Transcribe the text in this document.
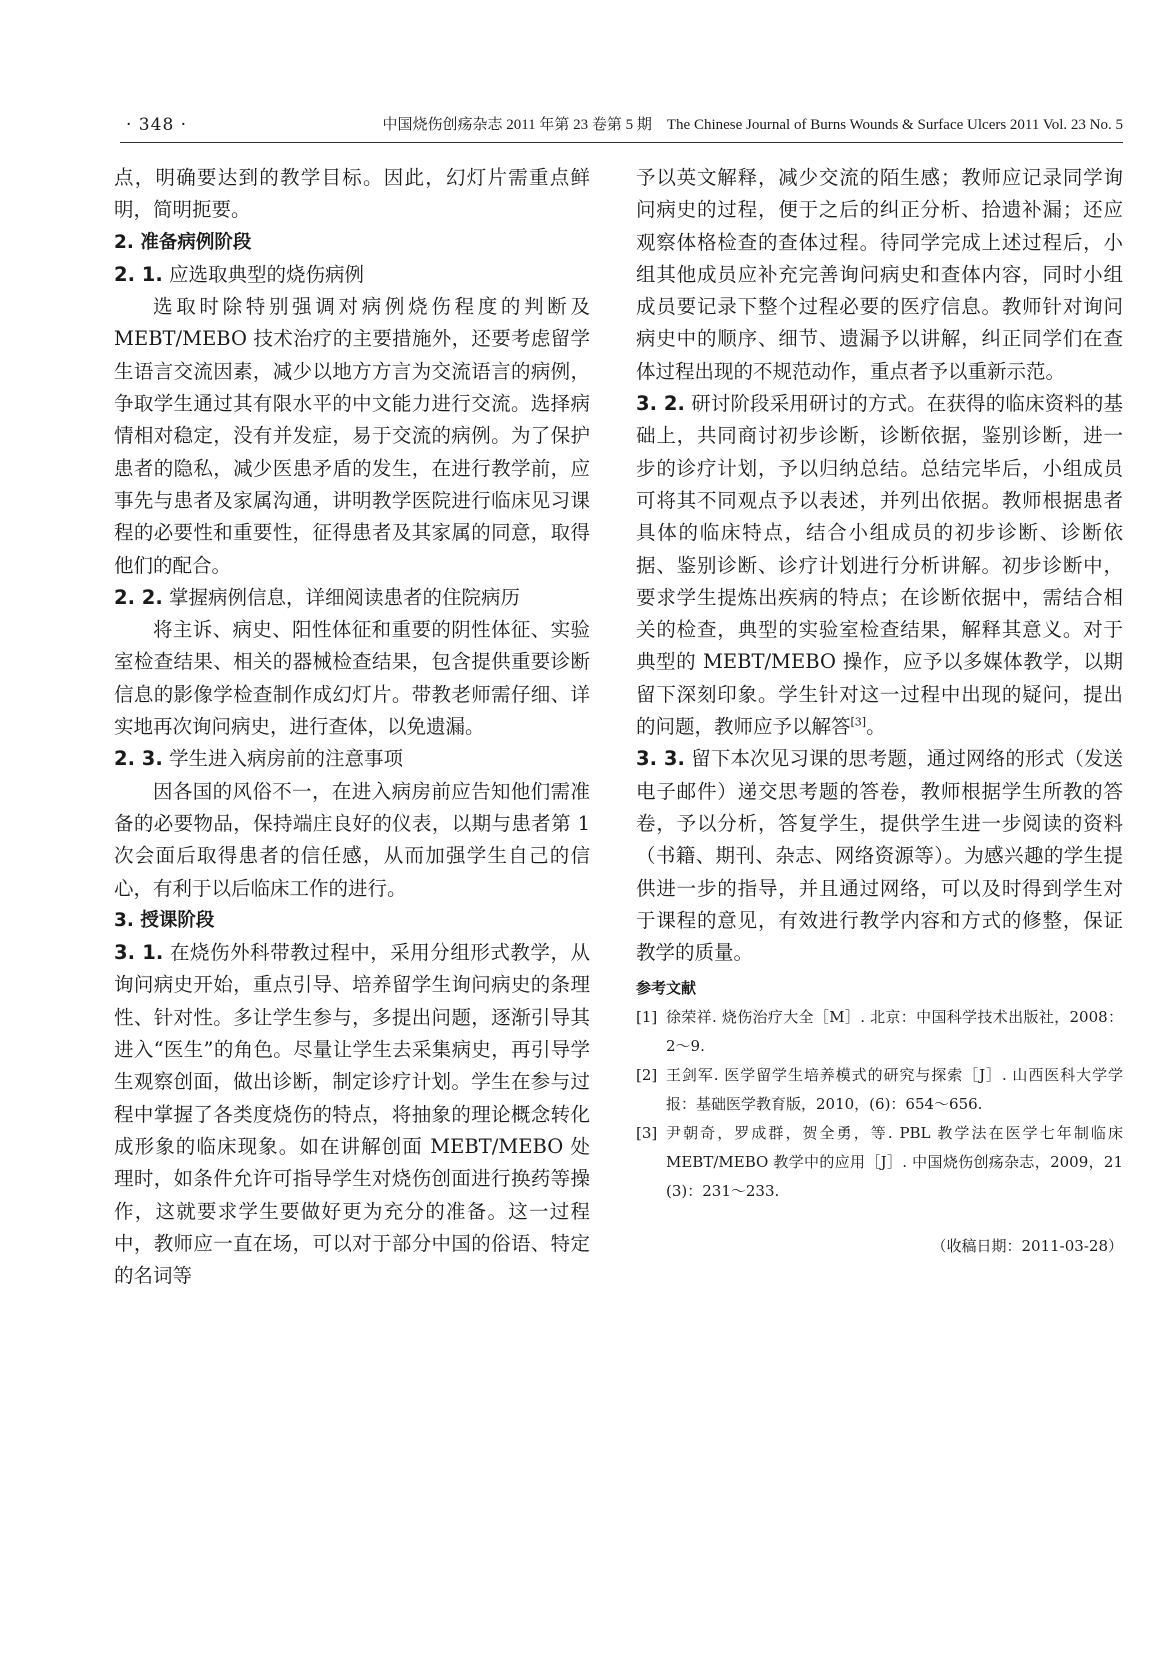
· 348 ·	中国烧伤创疡杂志 2011 年第 23 卷第 5 期　The Chinese Journal of Burns Wounds & Surface Ulcers 2011 Vol. 23 No. 5

点，明确要达到的教学目标。因此，幻灯片需重点鲜明，简明扼要。

2. 准备病例阶段

2. 1. 应选取典型的烧伤病例

选取时除特别强调对病例烧伤程度的判断及 MEBT/MEBO 技术治疗的主要措施外，还要考虑留学生语言交流因素，减少以地方方言为交流语言的病例，争取学生通过其有限水平的中文能力进行交流。选择病情相对稳定，没有并发症，易于交流的病例。为了保护患者的隐私，减少医患矛盾的发生，在进行教学前，应事先与患者及家属沟通，讲明教学医院进行临床见习课程的必要性和重要性，征得患者及其家属的同意，取得他们的配合。

2. 2. 掌握病例信息，详细阅读患者的住院病历

将主诉、病史、阳性体征和重要的阴性体征、实验室检查结果、相关的器械检查结果，包含提供重要诊断信息的影像学检查制作成幻灯片。带教老师需仔细、详实地再次询问病史，进行查体，以免遗漏。

2. 3. 学生进入病房前的注意事项

因各国的风俗不一，在进入病房前应告知他们需准备的必要物品，保持端庄良好的仪表，以期与患者第 1 次会面后取得患者的信任感，从而加强学生自己的信心，有利于以后临床工作的进行。

3. 授课阶段

3. 1. 在烧伤外科带教过程中，采用分组形式教学，从询问病史开始，重点引导、培养留学生询问病史的条理性、针对性。多让学生参与，多提出问题，逐渐引导其进入“医生”的角色。尽量让学生去采集病史，再引导学生观察创面，做出诊断，制定诊疗计划。学生在参与过程中掌握了各类度烧伤的特点，将抽象的理论概念转化成形象的临床现象。如在讲解创面 MEBT/MEBO 处理时，如条件允许可指导学生对烧伤创面进行换药等操作，这就要求学生要做好更为充分的准备。这一过程中，教师应一直在场，可以对于部分中国的俗语、特定的名词等

予以英文解释，减少交流的陌生感；教师应记录同学询问病史的过程，便于之后的纠正分析、拾遗补漏；还应观察体格检查的查体过程。待同学完成上述过程后，小组其他成员应补充完善询问病史和查体内容，同时小组成员要记录下整个过程必要的医疗信息。教师针对询问病史中的顺序、细节、遗漏予以讲解，纠正同学们在查体过程出现的不规范动作，重点者予以重新示范。

3. 2. 研讨阶段采用研讨的方式。在获得的临床资料的基础上，共同商讨初步诊断，诊断依据，鉴别诊断，进一步的诊疗计划，予以归纳总结。总结完毕后，小组成员可将其不同观点予以表述，并列出依据。教师根据患者具体的临床特点，结合小组成员的初步诊断、诊断依据、鉴别诊断、诊疗计划进行分析讲解。初步诊断中，要求学生提炼出疾病的特点；在诊断依据中，需结合相关的检查，典型的实验室检查结果，解释其意义。对于典型的 MEBT/MEBO 操作，应予以多媒体教学，以期留下深刻印象。学生针对这一过程中出现的疑问，提出的问题，教师应予以解答[3]。

3. 3. 留下本次见习课的思考题，通过网络的形式（发送电子邮件）递交思考题的答卷，教师根据学生所教的答卷，予以分析，答复学生，提供学生进一步阅读的资料（书籍、期刊、杂志、网络资源等）。为感兴趣的学生提供进一步的指导，并且通过网络，可以及时得到学生对于课程的意见，有效进行教学内容和方式的修整，保证教学的质量。

参考文献

[1] 徐荣祥. 烧伤治疗大全［M］. 北京：中国科学技术出版社，2008：2～9.
[2] 王剑军. 医学留学生培养模式的研究与探索［J］. 山西医科大学学报：基础医学教育版，2010，(6)：654～656.
[3] 尹朝奇，罗成群，贺全勇，等. PBL 教学法在医学七年制临床 MEBT/MEBO 教学中的应用［J］. 中国烧伤创疡杂志，2009，21 (3)：231～233.

（收稿日期：2011-03-28）
